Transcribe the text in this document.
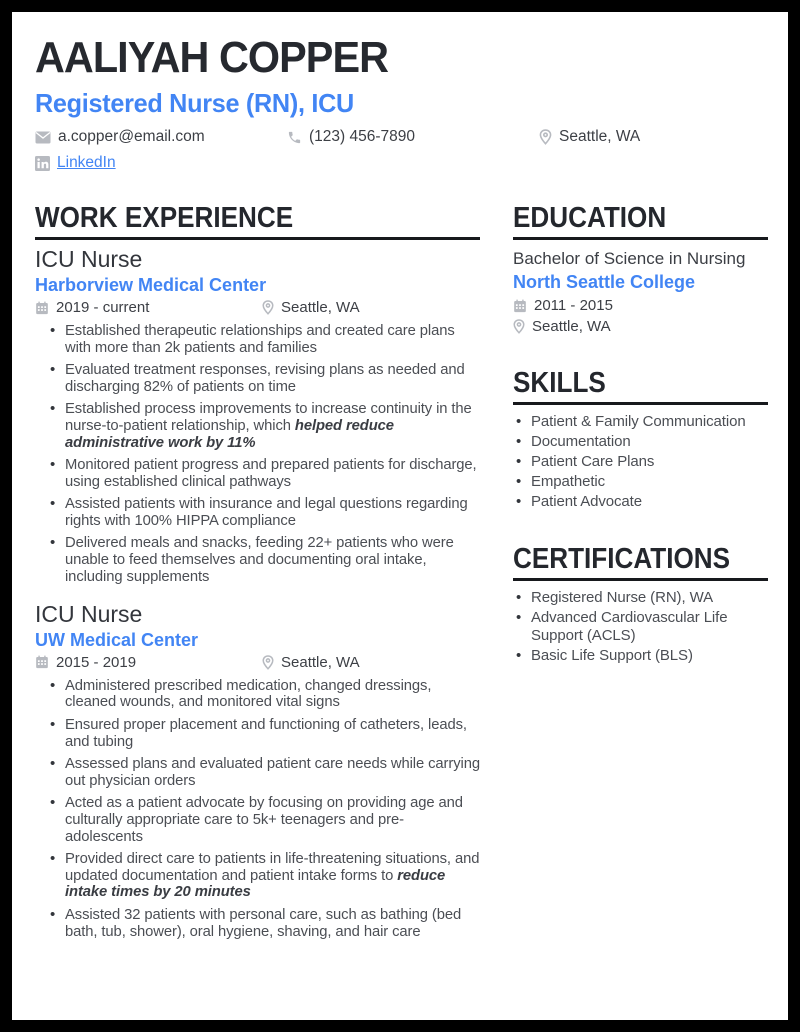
AALIYAH COPPER
Registered Nurse (RN), ICU
a.copper@email.com	(123) 456-7890	Seattle, WA
LinkedIn
WORK EXPERIENCE
ICU Nurse
Harborview Medical Center
2019 - current	Seattle, WA
• Established therapeutic relationships and created care plans with more than 2k patients and families
• Evaluated treatment responses, revising plans as needed and discharging 82% of patients on time
• Established process improvements to increase continuity in the nurse-to-patient relationship, which helped reduce administrative work by 11%
• Monitored patient progress and prepared patients for discharge, using established clinical pathways
• Assisted patients with insurance and legal questions regarding rights with 100% HIPPA compliance
• Delivered meals and snacks, feeding 22+ patients who were unable to feed themselves and documenting oral intake, including supplements
ICU Nurse
UW Medical Center
2015 - 2019	Seattle, WA
• Administered prescribed medication, changed dressings, cleaned wounds, and monitored vital signs
• Ensured proper placement and functioning of catheters, leads, and tubing
• Assessed plans and evaluated patient care needs while carrying out physician orders
• Acted as a patient advocate by focusing on providing age and culturally appropriate care to 5k+ teenagers and pre-adolescents
• Provided direct care to patients in life-threatening situations, and updated documentation and patient intake forms to reduce intake times by 20 minutes
• Assisted 32 patients with personal care, such as bathing (bed bath, tub, shower), oral hygiene, shaving, and hair care
EDUCATION
Bachelor of Science in Nursing
North Seattle College
2011 - 2015
Seattle, WA
SKILLS
• Patient & Family Communication
• Documentation
• Patient Care Plans
• Empathetic
• Patient Advocate
CERTIFICATIONS
• Registered Nurse (RN), WA
• Advanced Cardiovascular Life Support (ACLS)
• Basic Life Support (BLS)
